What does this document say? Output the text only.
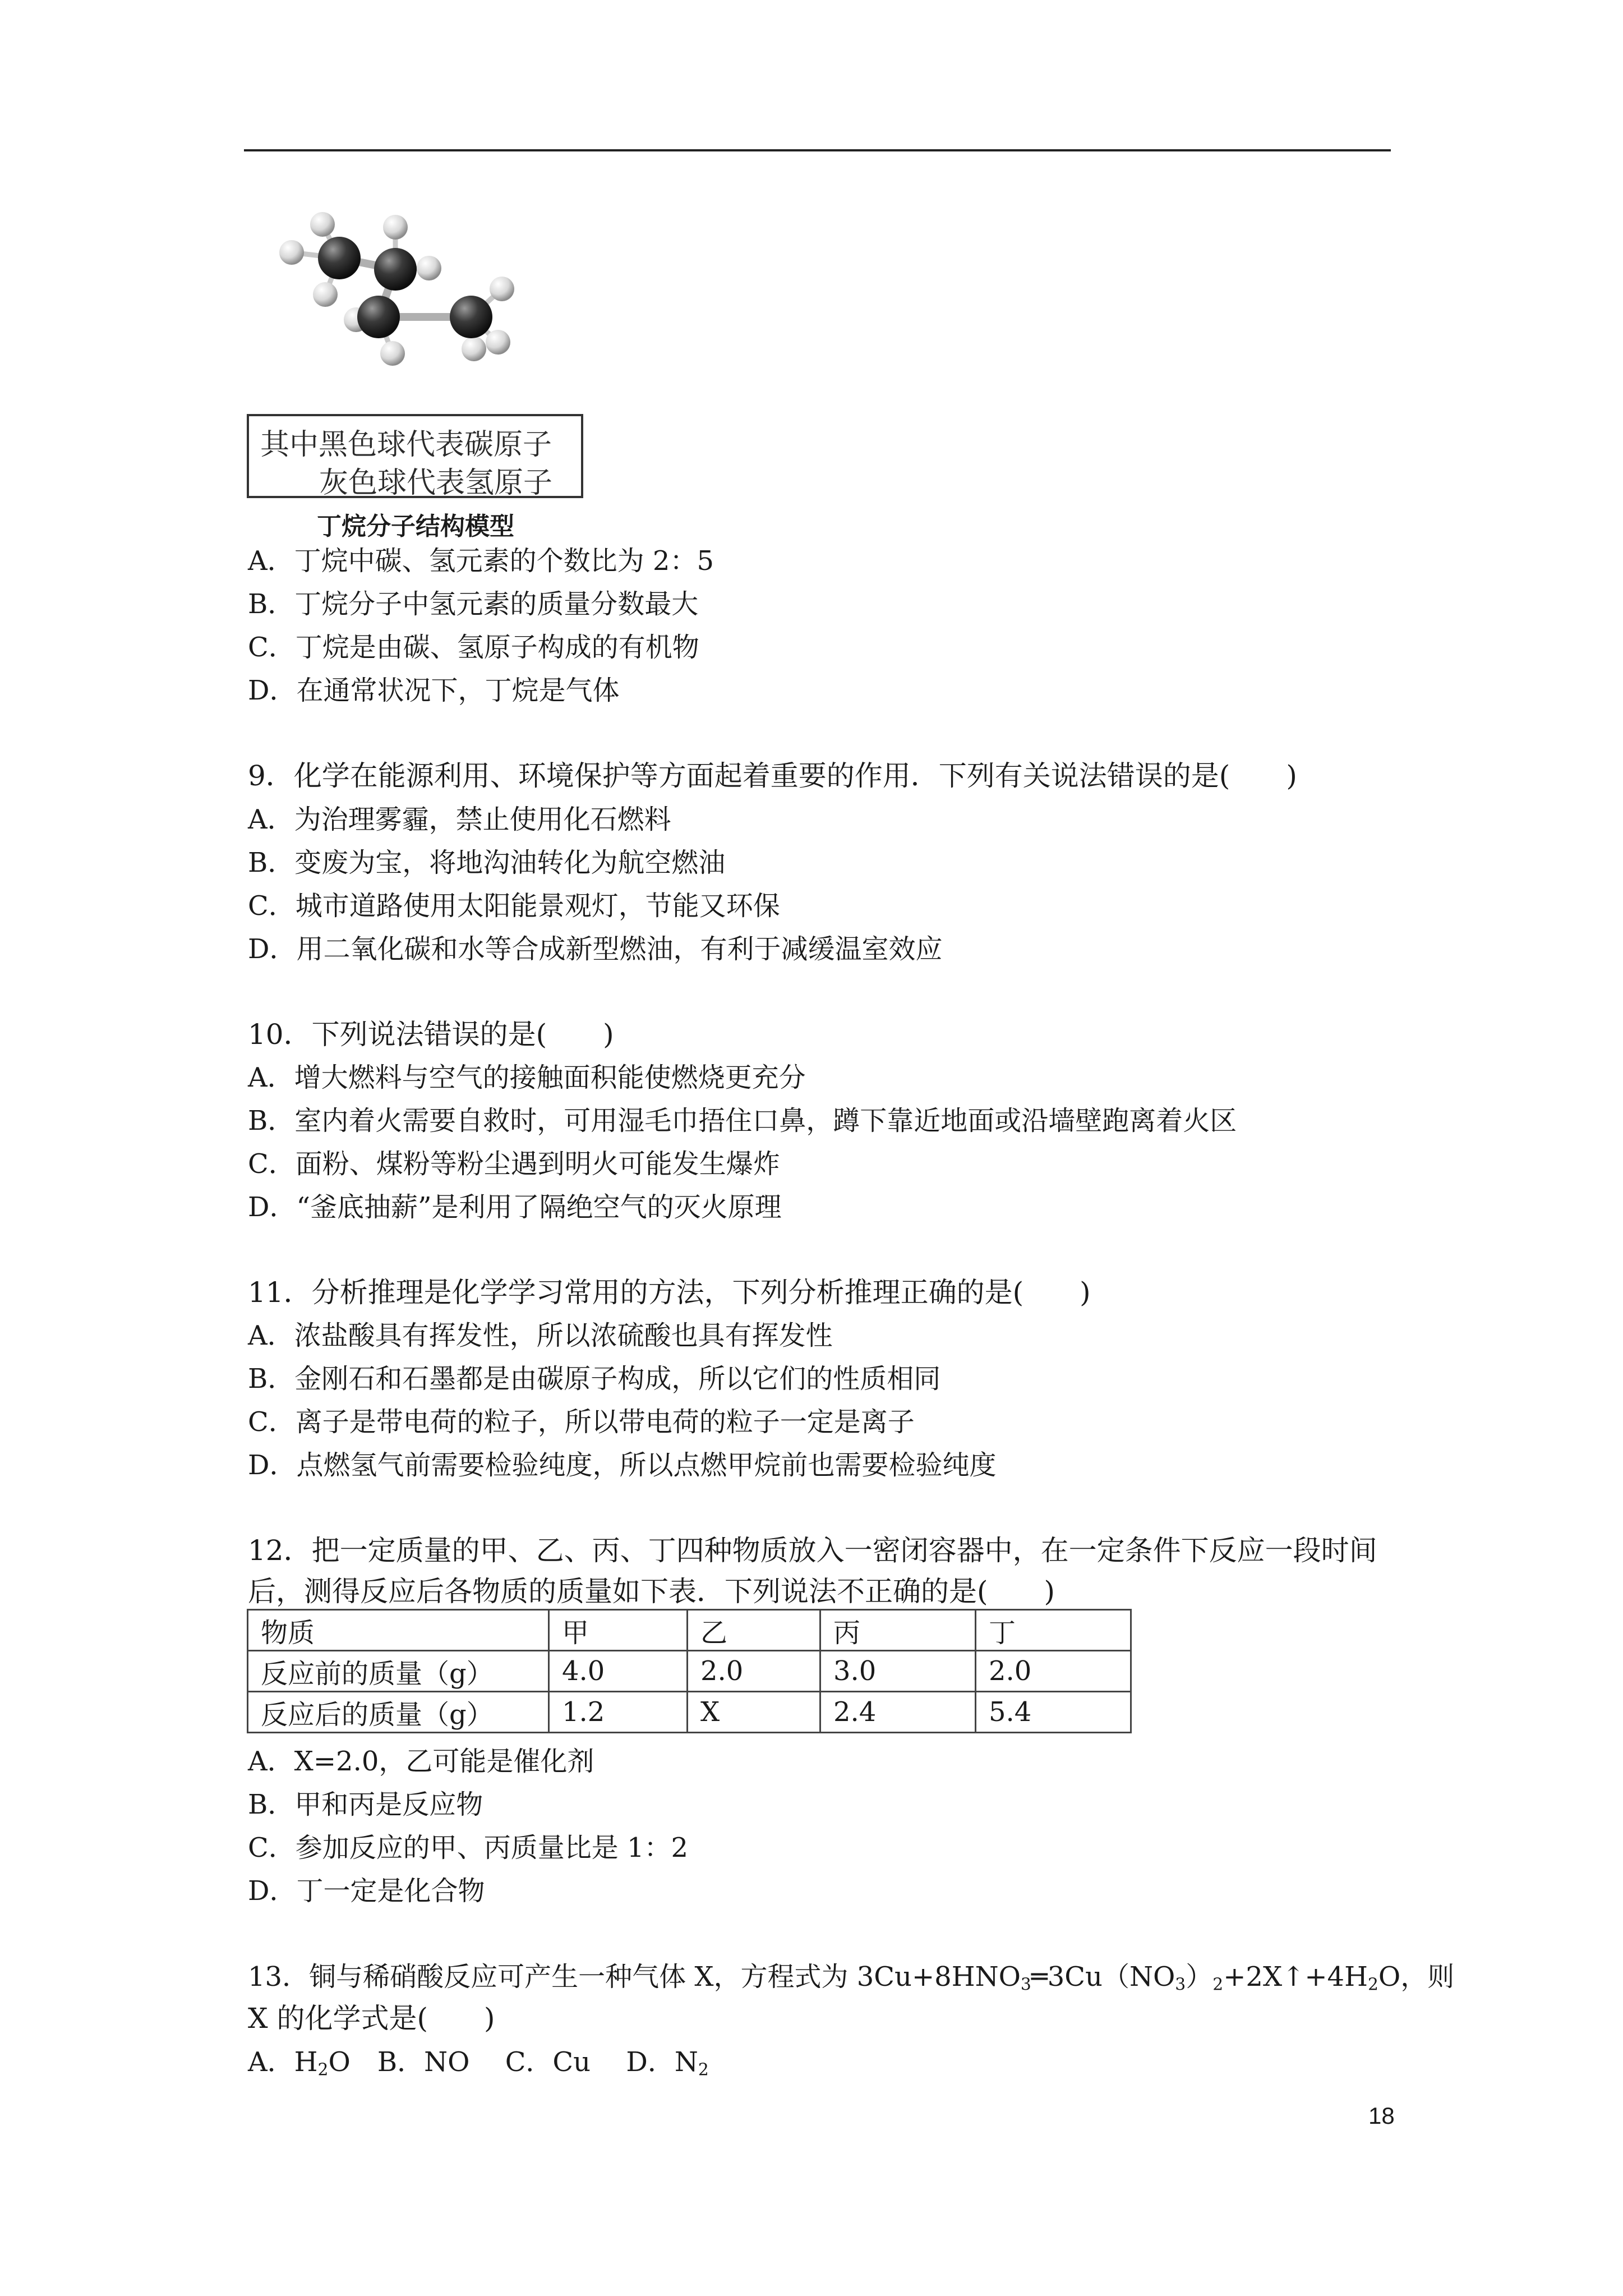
其中黑色球代表碳原子
灰色球代表氢原子
丁烷分子结构模型
A．丁烷中碳、氢元素的个数比为 2：5
B．丁烷分子中氢元素的质量分数最大
C．丁烷是由碳、氢原子构成的有机物
D．在通常状况下，丁烷是气体
9．化学在能源利用、环境保护等方面起着重要的作用．下列有关说法错误的是(　　)
A．为治理雾霾，禁止使用化石燃料
B．变废为宝，将地沟油转化为航空燃油
C．城市道路使用太阳能景观灯，节能又环保
D．用二氧化碳和水等合成新型燃油，有利于减缓温室效应
10．下列说法错误的是(　　)
A．增大燃料与空气的接触面积能使燃烧更充分
B．室内着火需要自救时，可用湿毛巾捂住口鼻，蹲下靠近地面或沿墙壁跑离着火区
C．面粉、煤粉等粉尘遇到明火可能发生爆炸
D．“釜底抽薪”是利用了隔绝空气的灭火原理
11．分析推理是化学学习常用的方法，下列分析推理正确的是(　　)
A．浓盐酸具有挥发性，所以浓硫酸也具有挥发性
B．金刚石和石墨都是由碳原子构成，所以它们的性质相同
C．离子是带电荷的粒子，所以带电荷的粒子一定是离子
D．点燃氢气前需要检验纯度，所以点燃甲烷前也需要检验纯度
12．把一定质量的甲、乙、丙、丁四种物质放入一密闭容器中，在一定条件下反应一段时间
后，测得反应后各物质的质量如下表．下列说法不正确的是(　　)
物质	甲	乙	丙	丁
反应前的质量（g）	4.0	2.0	3.0	2.0
反应后的质量（g）	1.2	X	2.4	5.4
A．X=2.0，乙可能是催化剂
B．甲和丙是反应物
C．参加反应的甲、丙质量比是 1：2
D．丁一定是化合物
13．铜与稀硝酸反应可产生一种气体 X，方程式为 $3Cu+8HNO_3═3Cu(NO_3)_2+2X↑+4H_2O$，则
X 的化学式是(　　)
A．$H_2O$　B．NO　 C．Cu　 D．$N_2$
18
